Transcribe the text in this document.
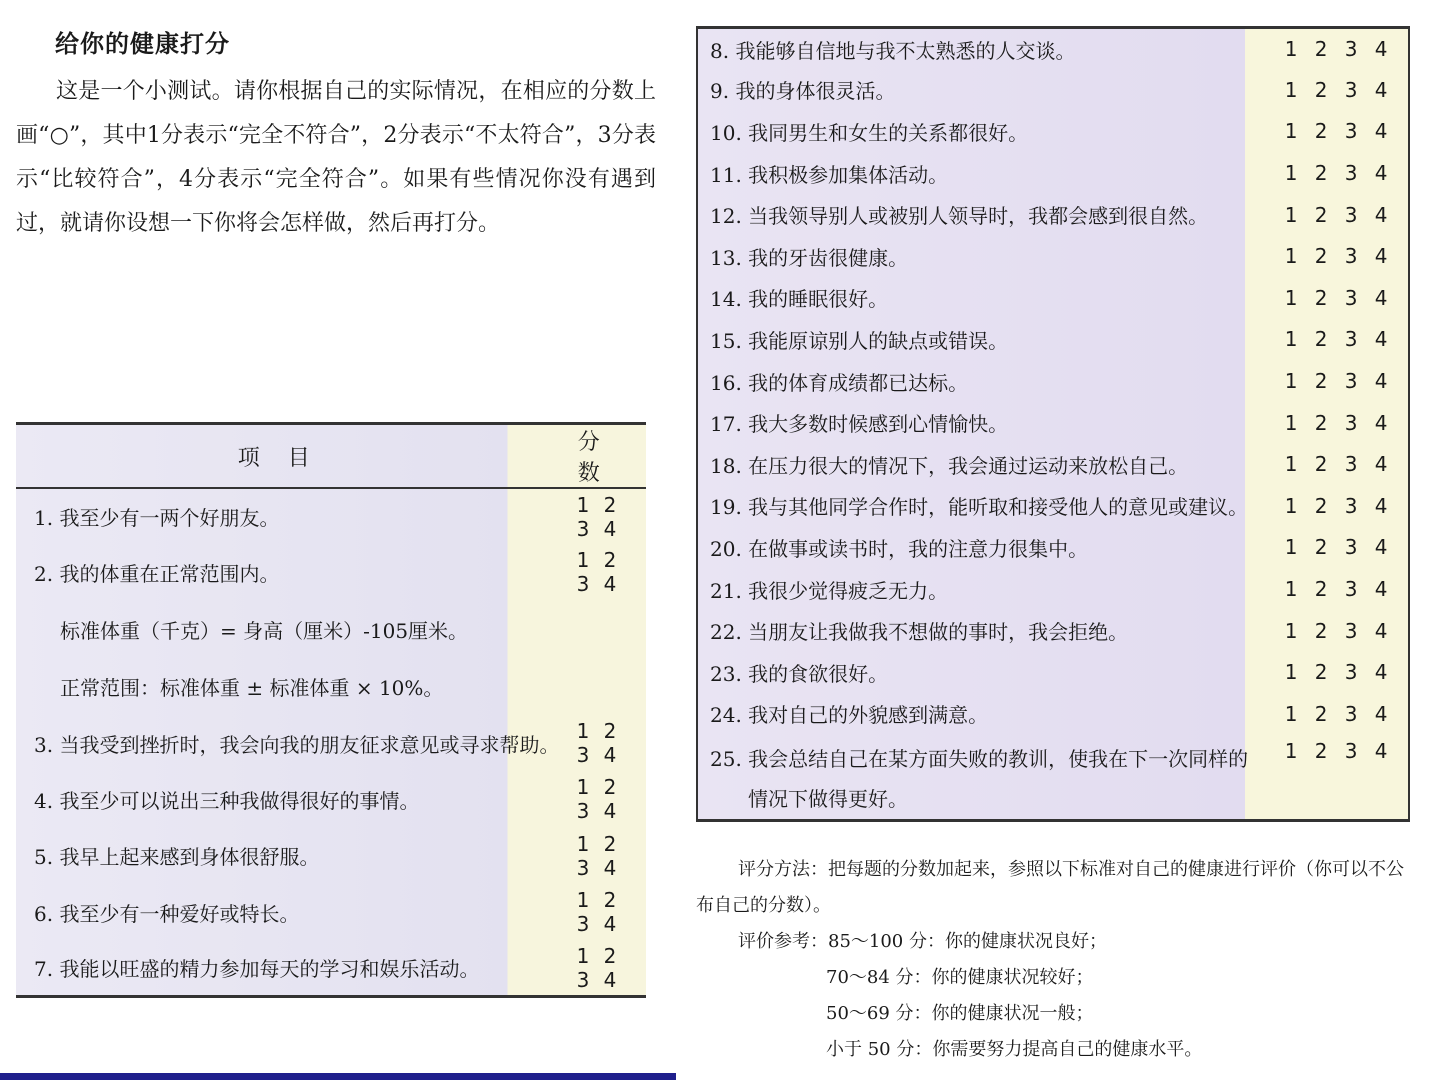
给你的健康打分

这是一个小测试。请你根据自己的实际情况，在相应的分数上画“○”，其中1分表示“完全不符合”，2分表示“不太符合”，3分表示“比较符合”，4分表示“完全符合”。如果有些情况你没有遇到过，就请你设想一下你将会怎样做，然后再打分。

项目	分数
1. 我至少有一两个好朋友。	1 23 4
2. 我的体重在正常范围内。	1 23 4
标准体重（千克）= 身高（厘米）-105厘米。	
正常范围：标准体重 ± 标准体重 × 10%。	
3. 当我受到挫折时，我会向我的朋友征求意见或寻求帮助。	1 23 4
4. 我至少可以说出三种我做得很好的事情。	1 23 4
5. 我早上起来感到身体很舒服。	1 23 4
6. 我至少有一种爱好或特长。	1 23 4
7. 我能以旺盛的精力参加每天的学习和娱乐活动。	1 23 4
8. 我能够自信地与我不太熟悉的人交谈。	1 2 3 4
9. 我的身体很灵活。	1 2 3 4
10. 我同男生和女生的关系都很好。	1 2 3 4
11. 我积极参加集体活动。	1 2 3 4
12. 当我领导别人或被别人领导时，我都会感到很自然。	1 2 3 4
13. 我的牙齿很健康。	1 2 3 4
14. 我的睡眠很好。	1 2 3 4
15. 我能原谅别人的缺点或错误。	1 2 3 4
16. 我的体育成绩都已达标。	1 2 3 4
17. 我大多数时候感到心情愉快。	1 2 3 4
18. 在压力很大的情况下，我会通过运动来放松自己。	1 2 3 4
19. 我与其他同学合作时，能听取和接受他人的意见或建议。	1 2 3 4
20. 在做事或读书时，我的注意力很集中。	1 2 3 4
21. 我很少觉得疲乏无力。	1 2 3 4
22. 当朋友让我做我不想做的事时，我会拒绝。	1 2 3 4
23. 我的食欲很好。	1 2 3 4
24. 我对自己的外貌感到满意。	1 2 3 4
25. 我会总结自己在某方面失败的教训，使我在下一次同样的
情况下做得更好。	1 2 3 4

评分方法：把每题的分数加起来，参照以下标准对自己的健康进行评价（你可以不公布自己的分数）。

评价参考：85～100 分：你的健康状况良好；

70～84 分：你的健康状况较好；

50～69 分：你的健康状况一般；

小于 50 分：你需要努力提高自己的健康水平。
